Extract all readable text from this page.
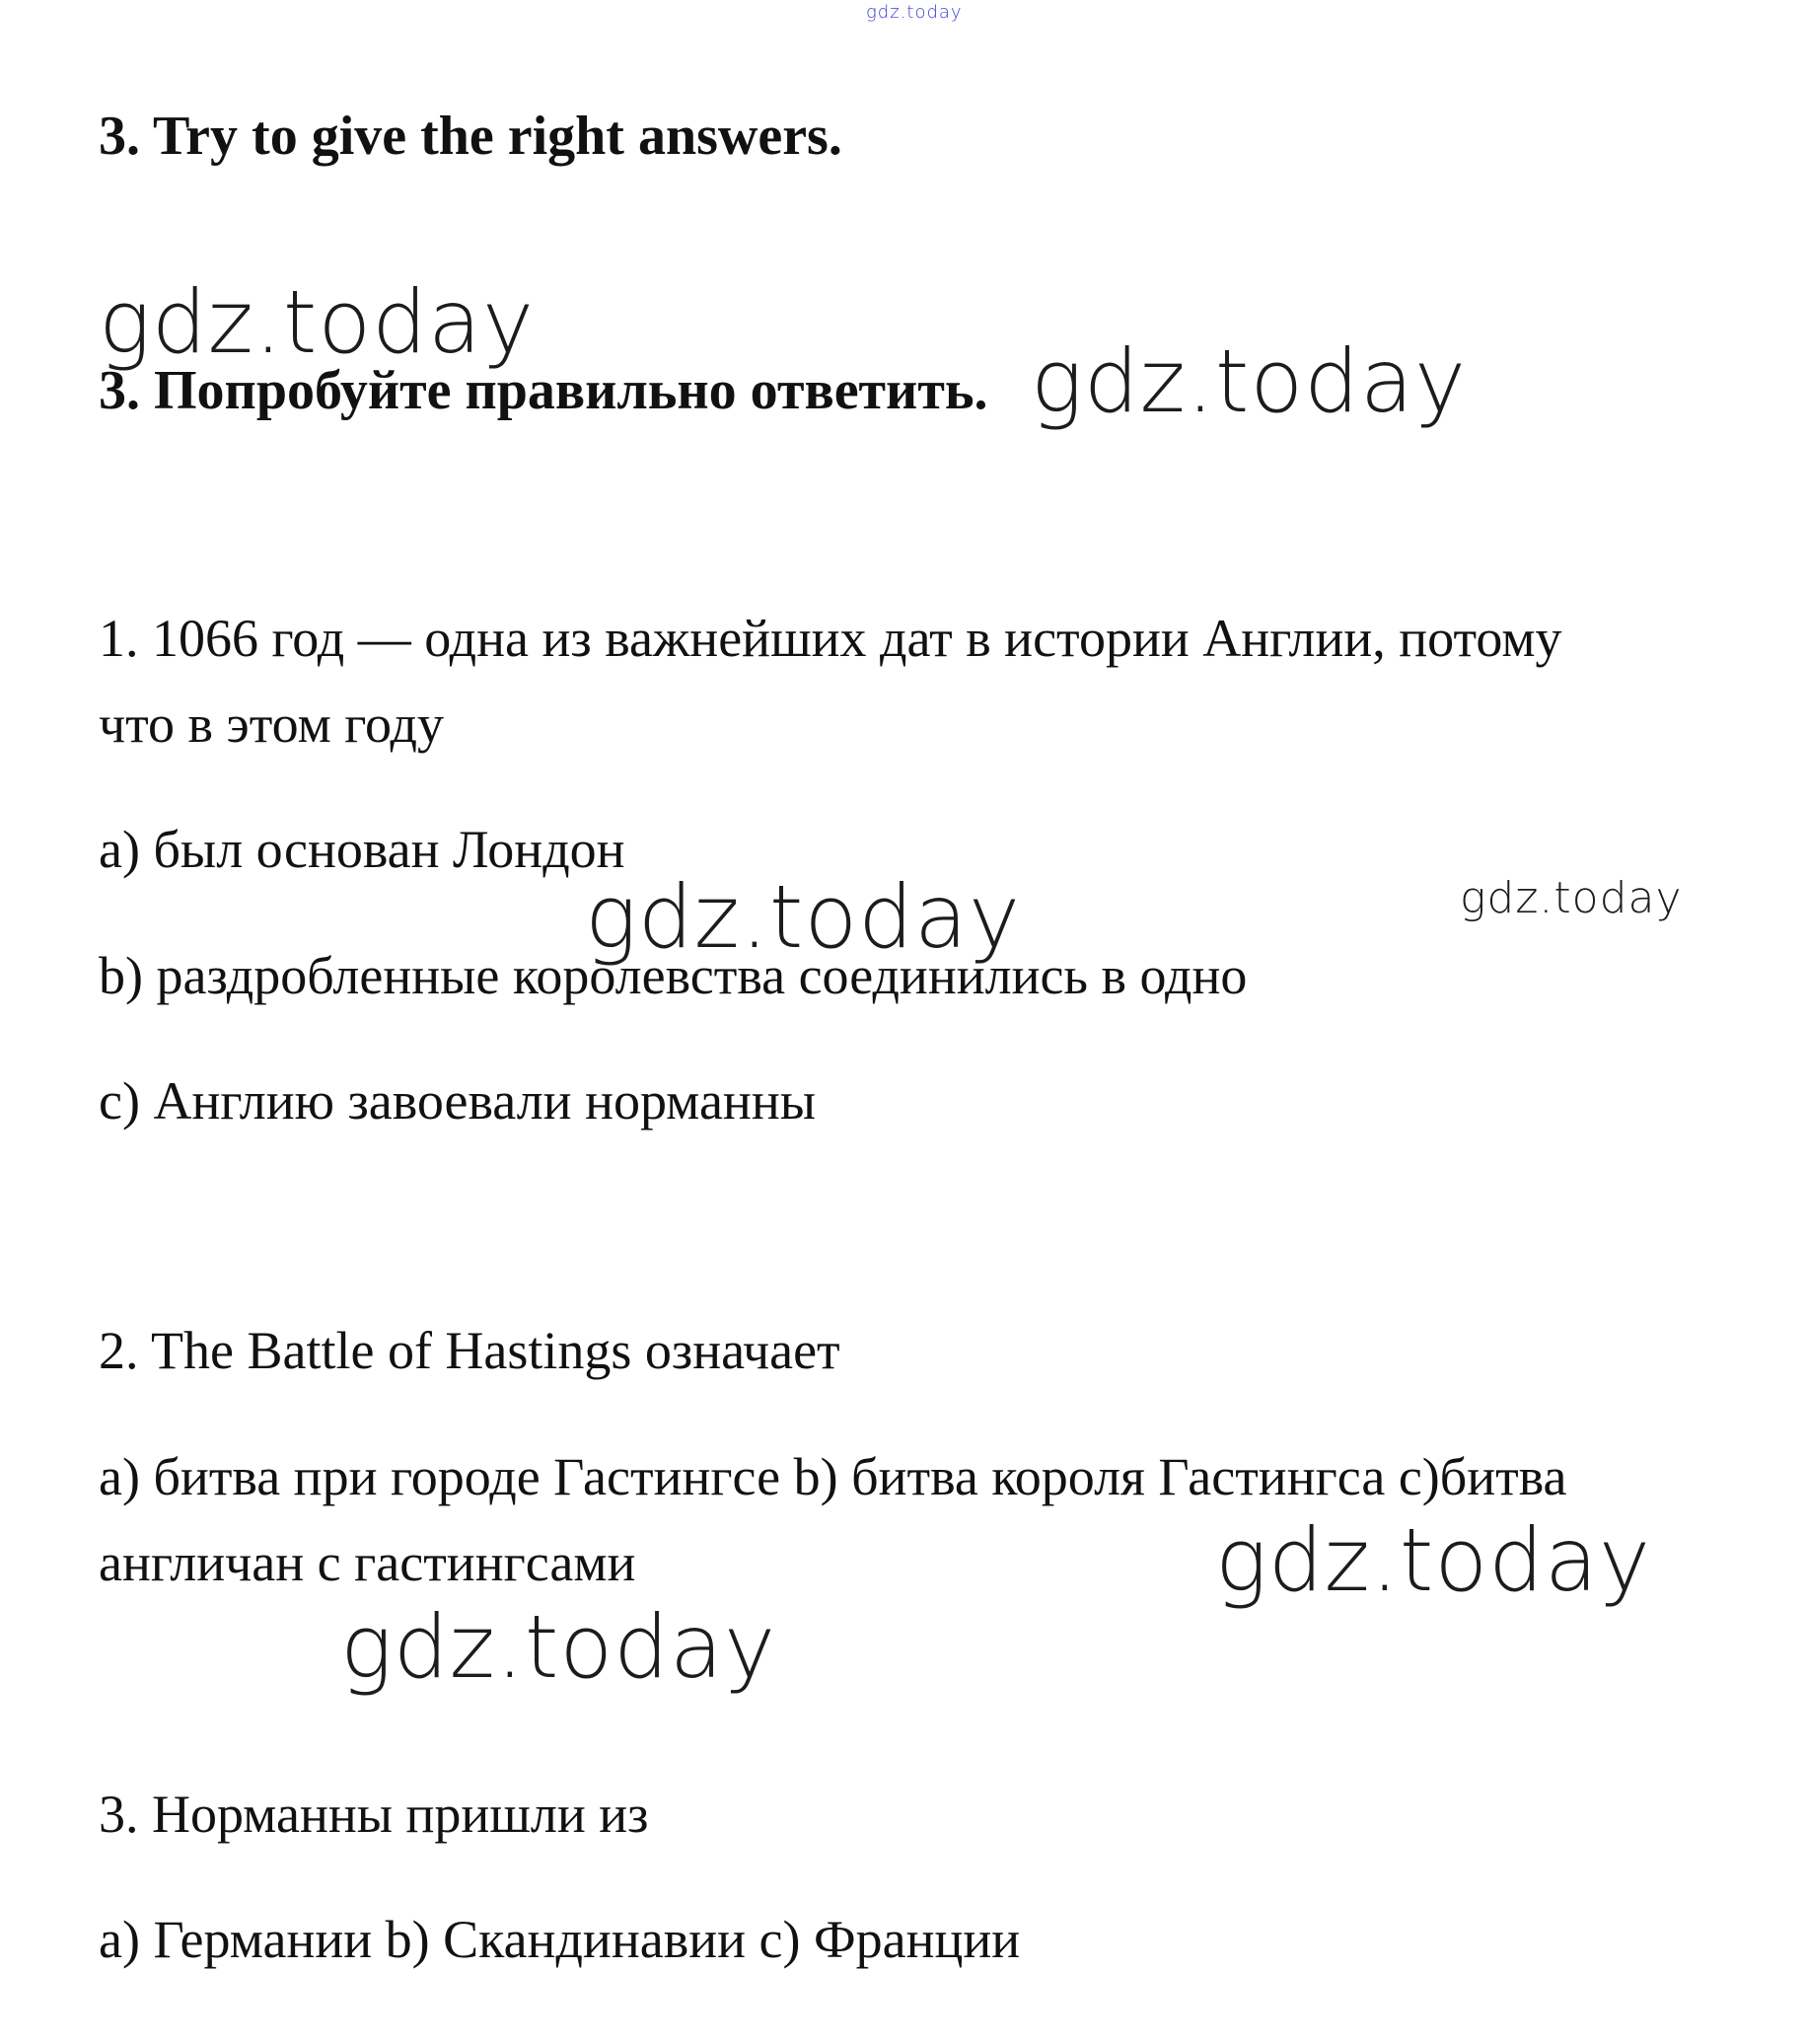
gdz.today
3. Try to give the right answers.
gdz.today
3. Попробуйте правильно ответить. gdz.today
1. 1066 год — одна из важнейших дат в истории Англии, потому
что в этом году
a) был основан Лондон
gdz.today	gdz.today
b) раздробленные королевства соединились в одно
c) Англию завоевали норманны
2. The Battle of Hastings означает
a) битва при городе Гастингсе b) битва короля Гастингса c)битва
англичан с гастингсами	gdz.today
gdz.today
3. Норманны пришли из
a) Германии b) Скандинавии c) Франции
